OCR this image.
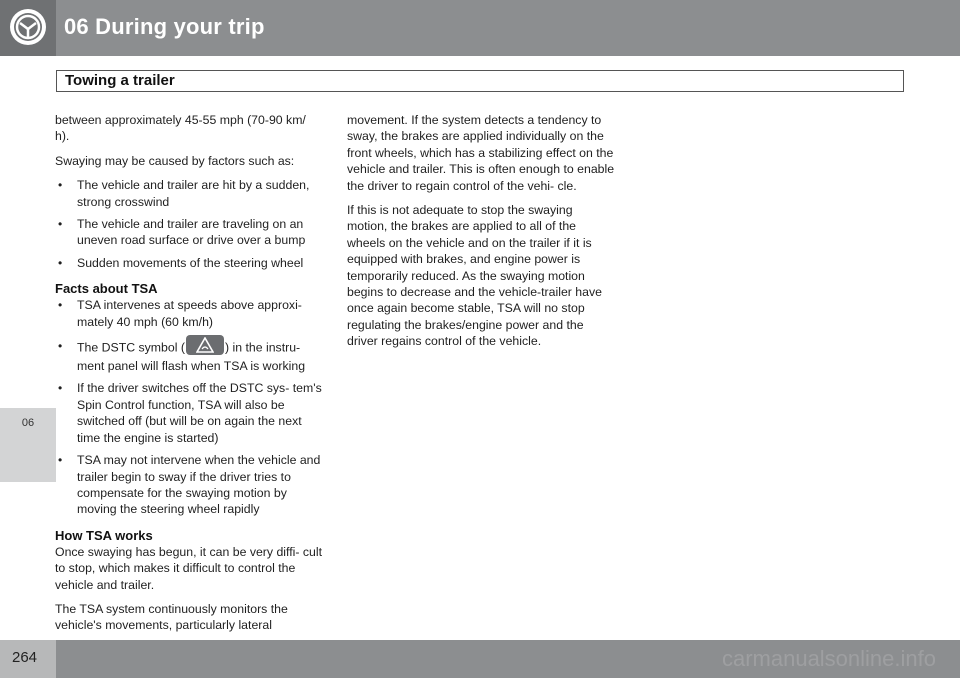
06 During your trip
Towing a trailer
06

between approximately 45-55 mph (70-90 km/ h).

Swaying may be caused by factors such as:

• The vehicle and trailer are hit by a sudden, strong crosswind
• The vehicle and trailer are traveling on an uneven road surface or drive over a bump
• Sudden movements of the steering wheel
Facts about TSA
• TSA intervenes at speeds above approxi- mately 40 mph (60 km/h)
• The DSTC symbol (	) in the instru- ment panel will flash when TSA is working
• If the driver switches off the DSTC sys- tem's Spin Control function, TSA will also be switched off (but will be on again the next time the engine is started)
• TSA may not intervene when the vehicle and trailer begin to sway if the driver tries to compensate for the swaying motion by moving the steering wheel rapidly
How TSA works

Once swaying has begun, it can be very diffi- cult to stop, which makes it difficult to control the vehicle and trailer.

The TSA system continuously monitors the vehicle's movements, particularly lateral

movement. If the system detects a tendency to sway, the brakes are applied individually on the front wheels, which has a stabilizing effect on the vehicle and trailer. This is often enough to enable the driver to regain control of the vehi- cle.

If this is not adequate to stop the swaying motion, the brakes are applied to all of the wheels on the vehicle and on the trailer if it is equipped with brakes, and engine power is temporarily reduced. As the swaying motion begins to decrease and the vehicle-trailer have once again become stable, TSA will no stop regulating the brakes/engine power and the driver regains control of the vehicle.

264	carmanualsonline.info
